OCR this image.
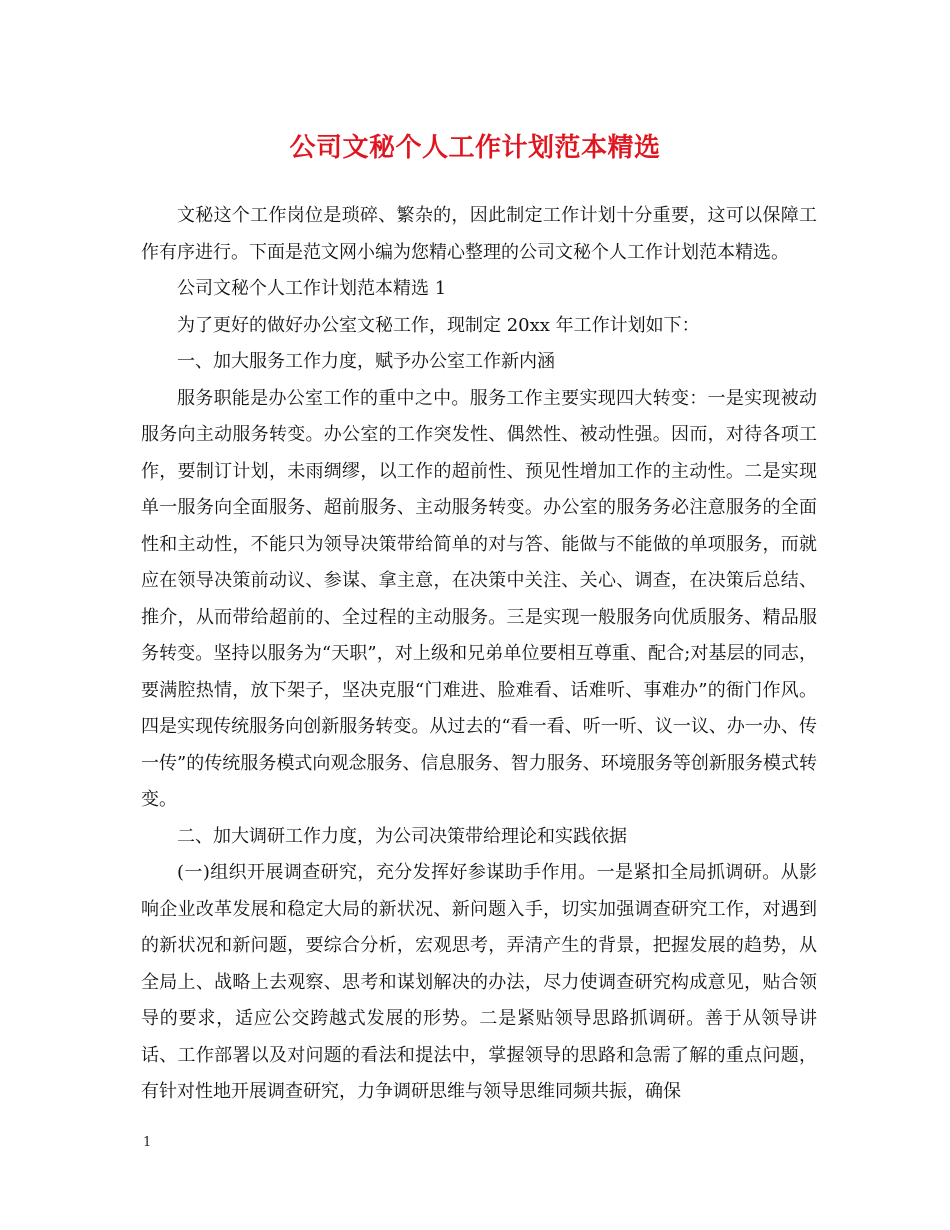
公司文秘个人工作计划范本精选

文秘这个工作岗位是琐碎、繁杂的，因此制定工作计划十分重要，这可以保障工作有序进行。下面是范文网小编为您精心整理的公司文秘个人工作计划范本精选。

公司文秘个人工作计划范本精选 1

为了更好的做好办公室文秘工作，现制定 20xx 年工作计划如下：

一、加大服务工作力度，赋予办公室工作新内涵

服务职能是办公室工作的重中之中。服务工作主要实现四大转变：一是实现被动服务向主动服务转变。办公室的工作突发性、偶然性、被动性强。因而，对待各项工作，要制订计划，未雨绸缪，以工作的超前性、预见性增加工作的主动性。二是实现单一服务向全面服务、超前服务、主动服务转变。办公室的服务务必注意服务的全面性和主动性，不能只为领导决策带给简单的对与答、能做与不能做的单项服务，而就应在领导决策前动议、参谋、拿主意，在决策中关注、关心、调查，在决策后总结、推介，从而带给超前的、全过程的主动服务。三是实现一般服务向优质服务、精品服务转变。坚持以服务为“天职”，对上级和兄弟单位要相互尊重、配合;对基层的同志，要满腔热情，放下架子，坚决克服“门难进、脸难看、话难听、事难办”的衙门作风。四是实现传统服务向创新服务转变。从过去的“看一看、听一听、议一议、办一办、传一传”的传统服务模式向观念服务、信息服务、智力服务、环境服务等创新服务模式转变。

二、加大调研工作力度，为公司决策带给理论和实践依据

(一)组织开展调查研究，充分发挥好参谋助手作用。一是紧扣全局抓调研。从影响企业改革发展和稳定大局的新状况、新问题入手，切实加强调查研究工作，对遇到的新状况和新问题，要综合分析，宏观思考，弄清产生的背景，把握发展的趋势，从全局上、战略上去观察、思考和谋划解决的办法，尽力使调查研究构成意见，贴合领导的要求，适应公交跨越式发展的形势。二是紧贴领导思路抓调研。善于从领导讲话、工作部署以及对问题的看法和提法中，掌握领导的思路和急需了解的重点问题，有针对性地开展调查研究，力争调研思维与领导思维同频共振，确保

1
